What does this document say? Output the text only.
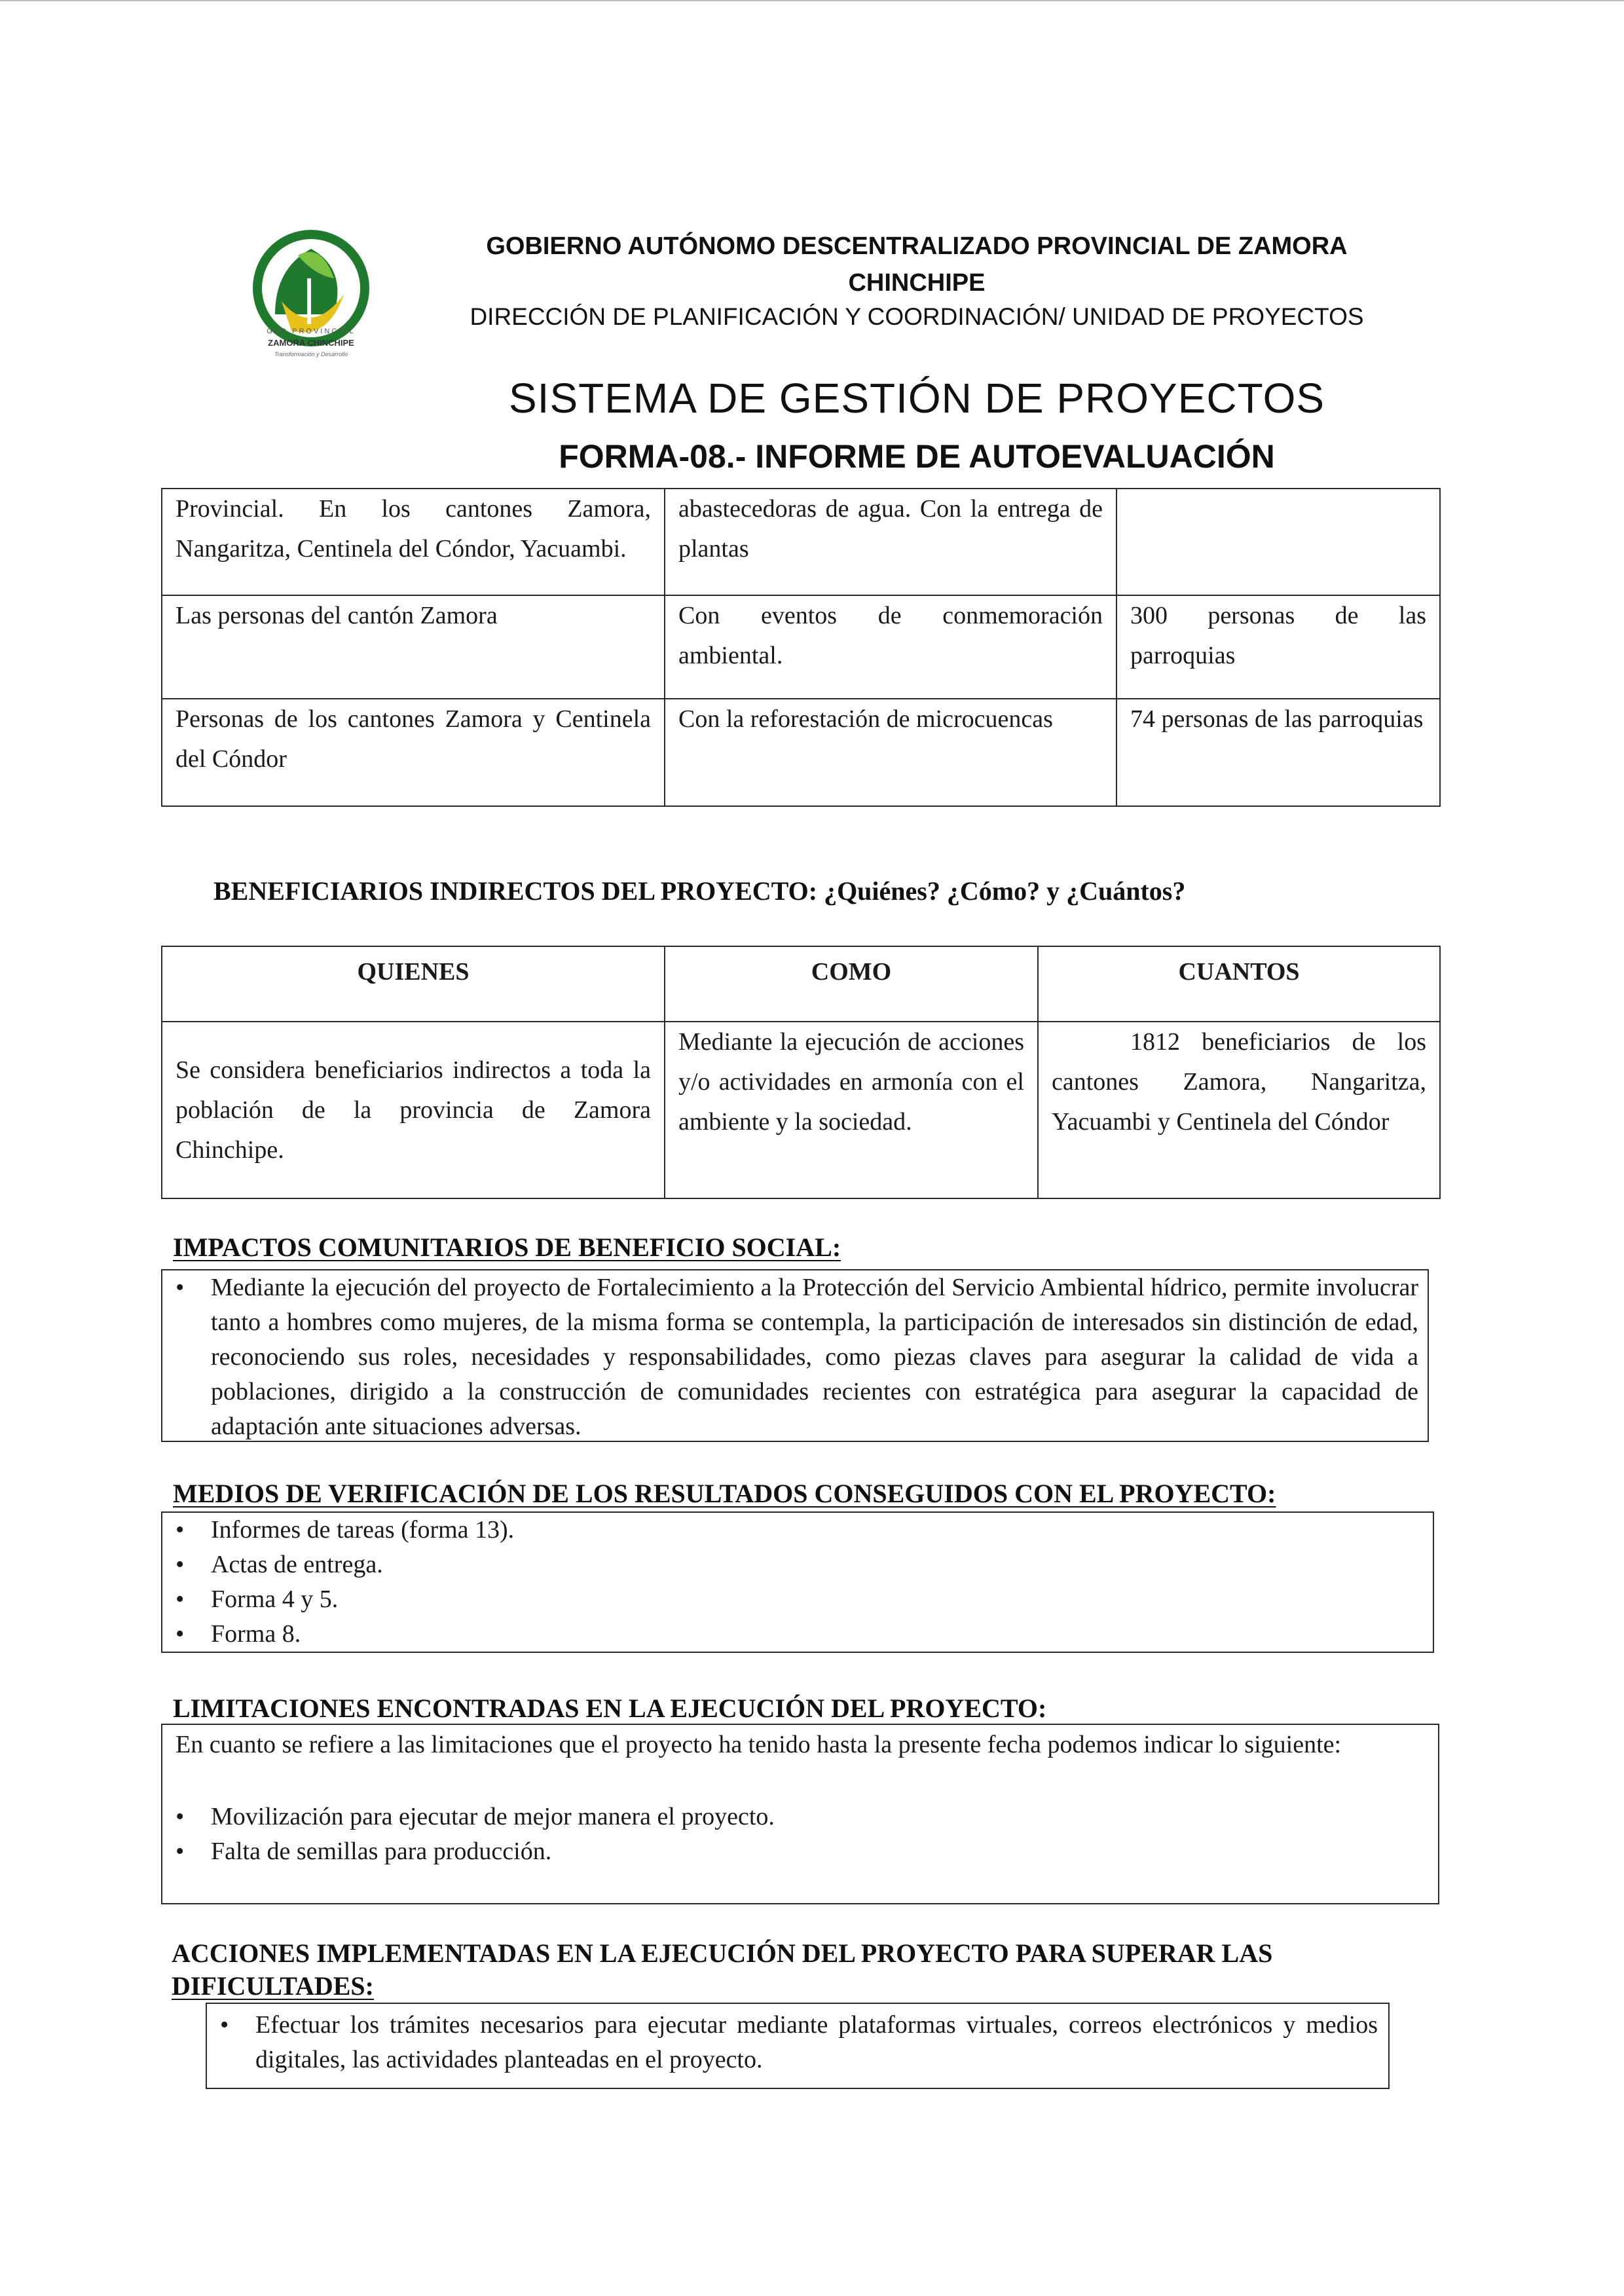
GAD PROVINCIAL
ZAMORA CHINCHIPE
Transformación y Desarrollo
GOBIERNO AUTÓNOMO DESCENTRALIZADO PROVINCIAL DE ZAMORA CHINCHIPE
DIRECCIÓN DE PLANIFICACIÓN Y COORDINACIÓN/ UNIDAD DE PROYECTOS
SISTEMA DE GESTIÓN DE PROYECTOS
FORMA-08.- INFORME DE AUTOEVALUACIÓN
Provincial. En los cantones Zamora, Nangaritza, Centinela del Cóndor, Yacuambi.	abastecedoras de agua. Con la entrega de plantas	
Las personas del cantón Zamora	Con eventos de conmemoración ambiental.	300 personas de las parroquias
Personas de los cantones Zamora y Centinela del Cóndor	Con la reforestación de microcuencas	74 personas de las parroquias
BENEFICIARIOS INDIRECTOS DEL PROYECTO: ¿Quiénes? ¿Cómo? y ¿Cuántos?
QUIENES	COMO	CUANTOS
Se considera beneficiarios indirectos a toda la población de la provincia de Zamora Chinchipe.	Mediante la ejecución de acciones y/o actividades en armonía con el ambiente y la sociedad.	1812 beneficiarios de los cantones Zamora, Nangaritza, Yacuambi y Centinela del Cóndor
IMPACTOS COMUNITARIOS DE BENEFICIO SOCIAL:
• Mediante la ejecución del proyecto de Fortalecimiento a la Protección del Servicio Ambiental hídrico, permite involucrar tanto a hombres como mujeres, de la misma forma se contempla, la participación de interesados sin distinción de edad, reconociendo sus roles, necesidades y responsabilidades, como piezas claves para asegurar la calidad de vida a poblaciones, dirigido a la construcción de comunidades recientes con estratégica para asegurar la capacidad de adaptación ante situaciones adversas.
MEDIOS DE VERIFICACIÓN DE LOS RESULTADOS CONSEGUIDOS CON EL PROYECTO:
• Informes de tareas (forma 13).
• Actas de entrega.
• Forma 4 y 5.
• Forma 8.
LIMITACIONES ENCONTRADAS EN LA EJECUCIÓN DEL PROYECTO:

En cuanto se refiere a las limitaciones que el proyecto ha tenido hasta la presente fecha podemos indicar lo siguiente:

• Movilización para ejecutar de mejor manera el proyecto.
• Falta de semillas para producción.
ACCIONES IMPLEMENTADAS EN LA EJECUCIÓN DEL PROYECTO PARA SUPERAR LAS
DIFICULTADES:
• Efectuar los trámites necesarios para ejecutar mediante plataformas virtuales, correos electrónicos y medios digitales, las actividades planteadas en el proyecto.
